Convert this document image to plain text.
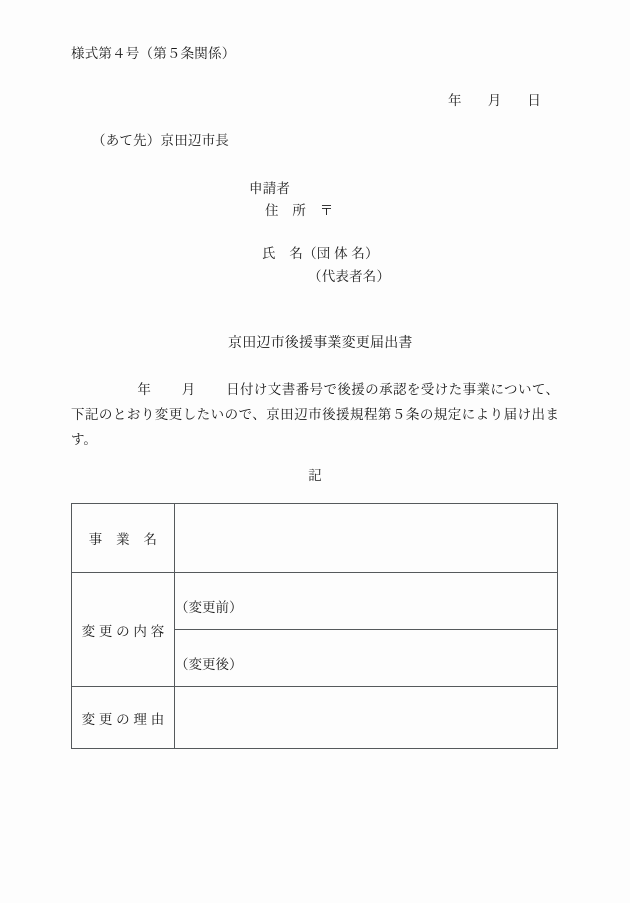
様式第４号（第５条関係）
年 月 日
（あて先）京田辺市長
申請者
住　所　〒
氏　名（団 体 名）
（代表者名）
京田辺市後援事業変更届出書
年 月 日付け文書番号で後援の承認を受けた事業について、下記のとおり変更したいので、京田辺市後援規程第５条の規定により届け出ます。
記
事　業　名	

変 更 の 内 容	（変更前）

	（変更後）

変 更 の 理 由	
